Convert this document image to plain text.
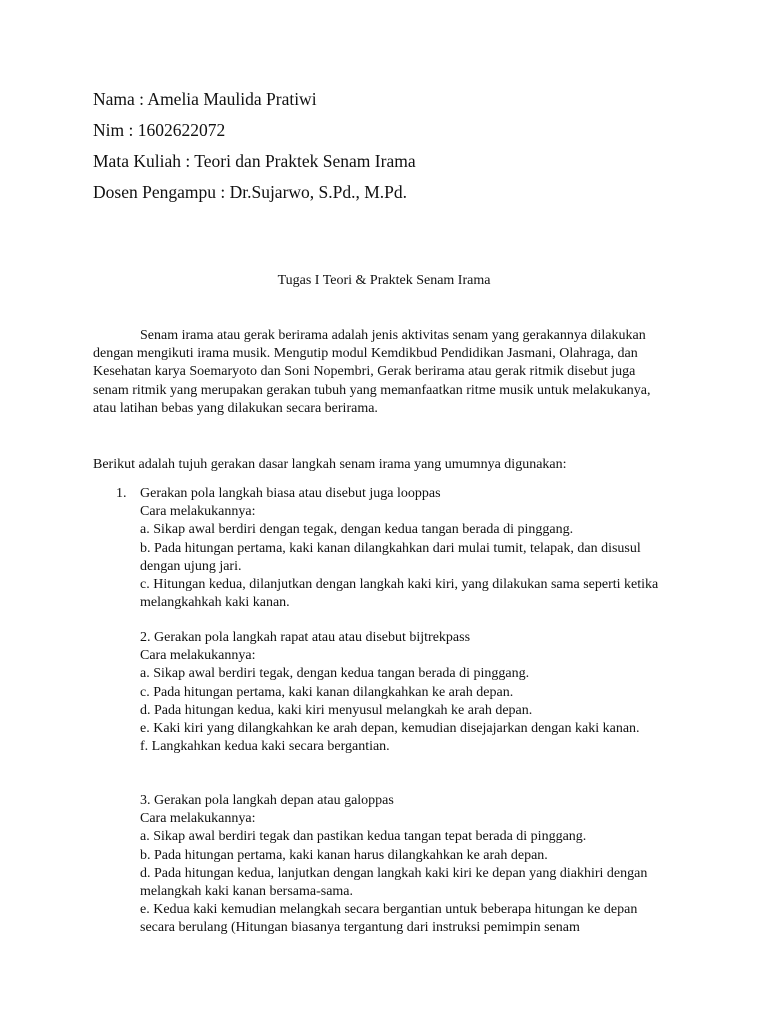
Nama : Amelia Maulida Pratiwi
Nim : 1602622072
Mata Kuliah : Teori dan Praktek Senam Irama
Dosen Pengampu : Dr.Sujarwo, S.Pd., M.Pd.
Tugas I Teori & Praktek Senam Irama

Senam irama atau gerak berirama adalah jenis aktivitas senam yang gerakannya dilakukan dengan mengikuti irama musik. Mengutip modul Kemdikbud Pendidikan Jasmani, Olahraga, dan Kesehatan karya Soemaryoto dan Soni Nopembri, Gerak berirama atau gerak ritmik disebut juga senam ritmik yang merupakan gerakan tubuh yang memanfaatkan ritme musik untuk melakukanya, atau latihan bebas yang dilakukan secara berirama.

Berikut adalah tujuh gerakan dasar langkah senam irama yang umumnya digunakan:

1. Gerakan pola langkah biasa atau disebut juga looppas
Cara melakukannya:
a. Sikap awal berdiri dengan tegak, dengan kedua tangan berada di pinggang.
b. Pada hitungan pertama, kaki kanan dilangkahkan dari mulai tumit, telapak, dan disusul dengan ujung jari.
c. Hitungan kedua, dilanjutkan dengan langkah kaki kiri, yang dilakukan sama seperti ketika melangkahkah kaki kanan.
2. Gerakan pola langkah rapat atau atau disebut bijtrekpass
Cara melakukannya:
a. Sikap awal berdiri tegak, dengan kedua tangan berada di pinggang.
c. Pada hitungan pertama, kaki kanan dilangkahkan ke arah depan.
d. Pada hitungan kedua, kaki kiri menyusul melangkah ke arah depan.
e. Kaki kiri yang dilangkahkan ke arah depan, kemudian disejajarkan dengan kaki kanan.
f. Langkahkan kedua kaki secara bergantian.
3. Gerakan pola langkah depan atau galoppas
Cara melakukannya:
a. Sikap awal berdiri tegak dan pastikan kedua tangan tepat berada di pinggang.
b. Pada hitungan pertama, kaki kanan harus dilangkahkan ke arah depan.
d. Pada hitungan kedua, lanjutkan dengan langkah kaki kiri ke depan yang diakhiri dengan melangkah kaki kanan bersama-sama.
e. Kedua kaki kemudian melangkah secara bergantian untuk beberapa hitungan ke depan secara berulang (Hitungan biasanya tergantung dari instruksi pemimpin senam
